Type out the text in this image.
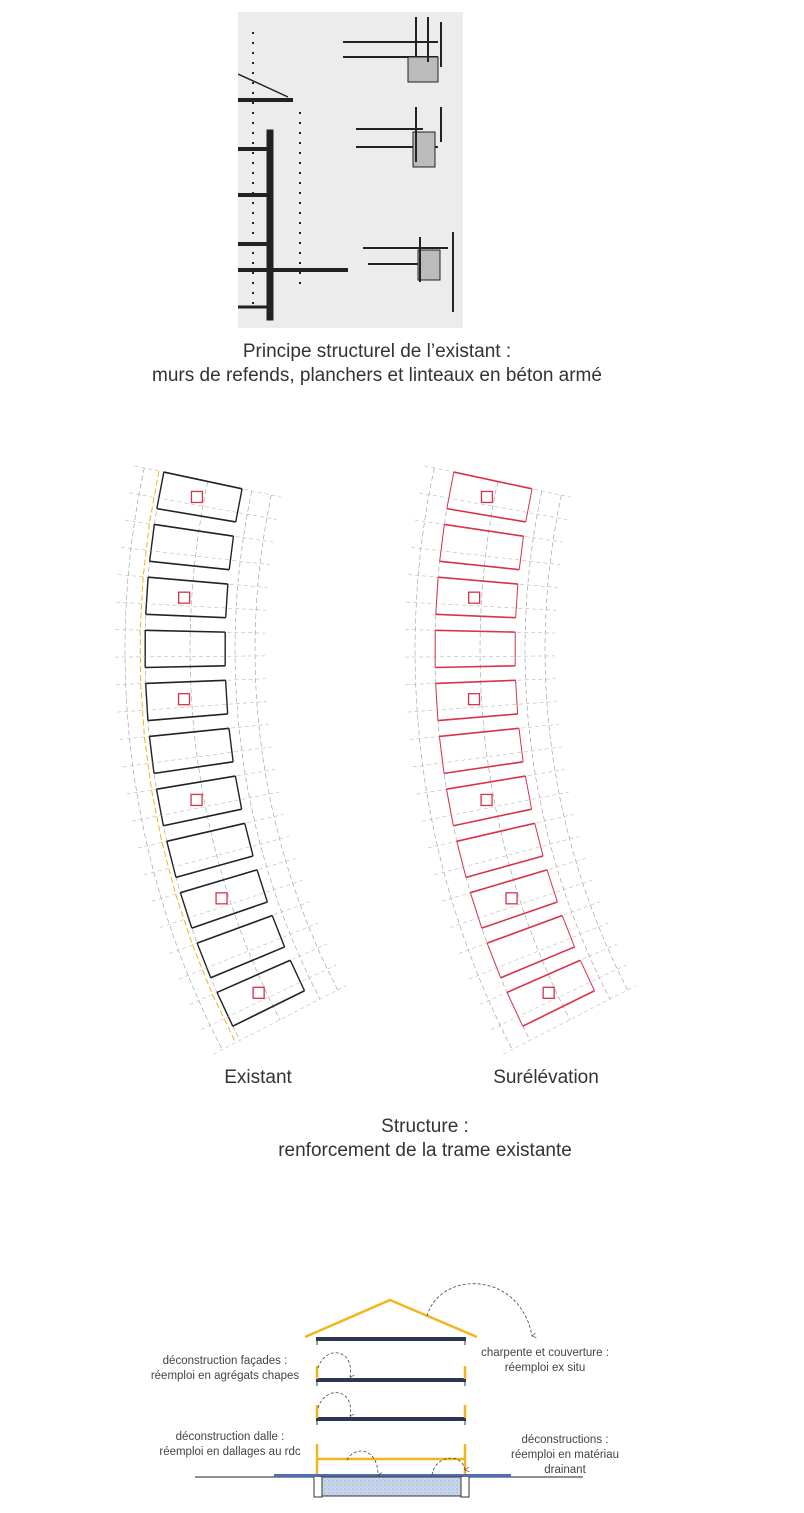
Principe structurel de l’existant :
murs de refends, planchers et linteaux en béton armé
Existant	Surélévation
Structure :
renforcement de la trame existante
déconstruction façades :
réemploi en agrégats chapes
charpente et couverture :
réemploi ex situ
déconstruction dalle :
réemploi en dallages au rdc
déconstructions :
réemploi en matériau
drainant
